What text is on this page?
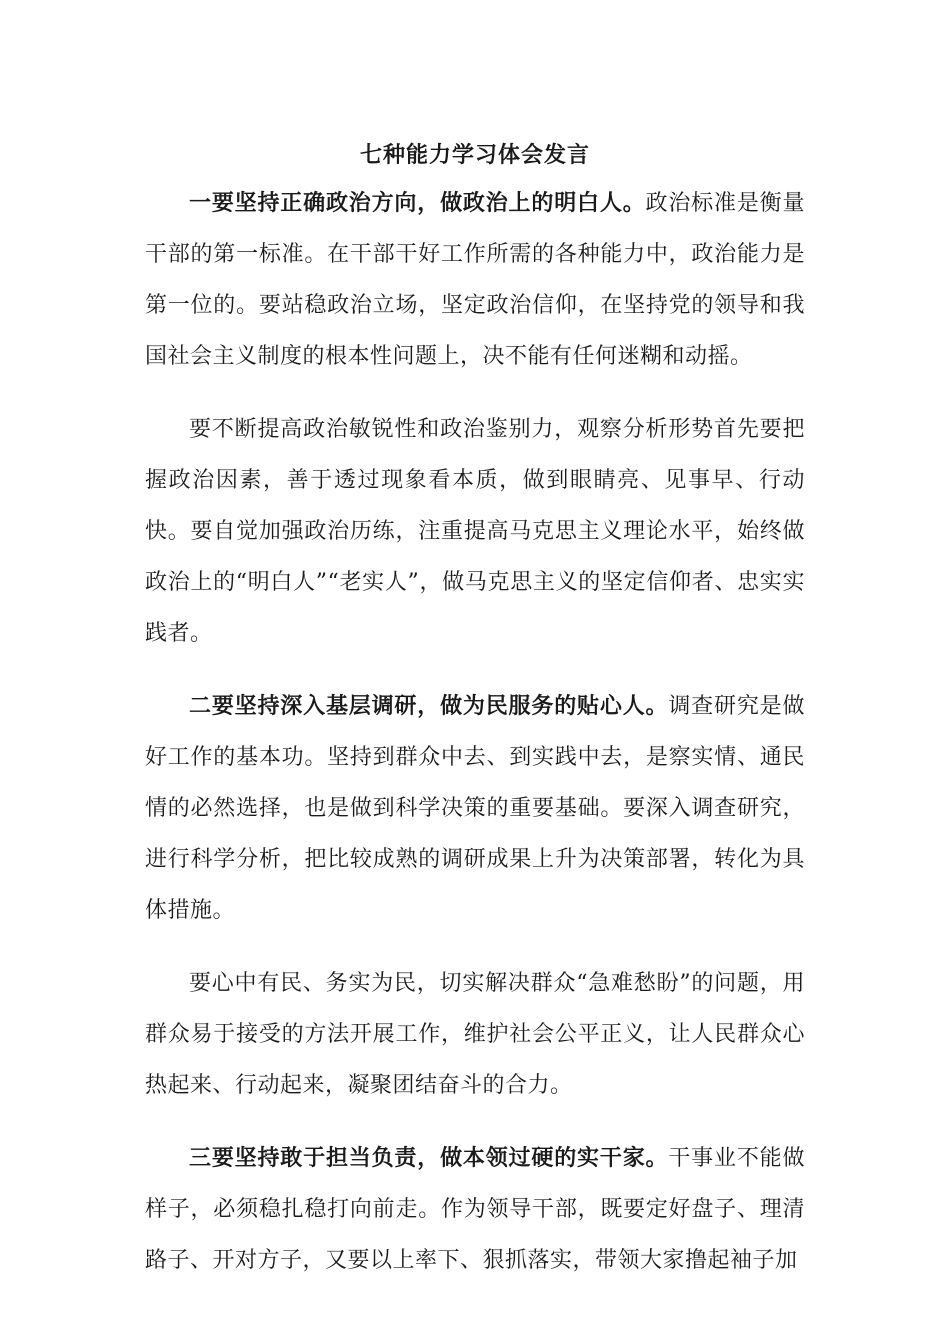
七种能力学习体会发言

一要坚持正确政治方向，做政治上的明白人。政治标准是衡量干部的第一标准。在干部干好工作所需的各种能力中，政治能力是第一位的。要站稳政治立场，坚定政治信仰，在坚持党的领导和我国社会主义制度的根本性问题上，决不能有任何迷糊和动摇。

要不断提高政治敏锐性和政治鉴别力，观察分析形势首先要把握政治因素，善于透过现象看本质，做到眼睛亮、见事早、行动快。要自觉加强政治历练，注重提高马克思主义理论水平，始终做政治上的“明白人”“老实人”，做马克思主义的坚定信仰者、忠实实践者。

二要坚持深入基层调研，做为民服务的贴心人。调查研究是做好工作的基本功。坚持到群众中去、到实践中去，是察实情、通民情的必然选择，也是做到科学决策的重要基础。要深入调查研究，进行科学分析，把比较成熟的调研成果上升为决策部署，转化为具体措施。

要心中有民、务实为民，切实解决群众“急难愁盼”的问题，用群众易于接受的方法开展工作，维护社会公平正义，让人民群众心热起来、行动起来，凝聚团结奋斗的合力。

三要坚持敢于担当负责，做本领过硬的实干家。干事业不能做样子，必须稳扎稳打向前走。作为领导干部，既要定好盘子、理清路子、开对方子，又要以上率下、狠抓落实，带领大家撸起袖子加
